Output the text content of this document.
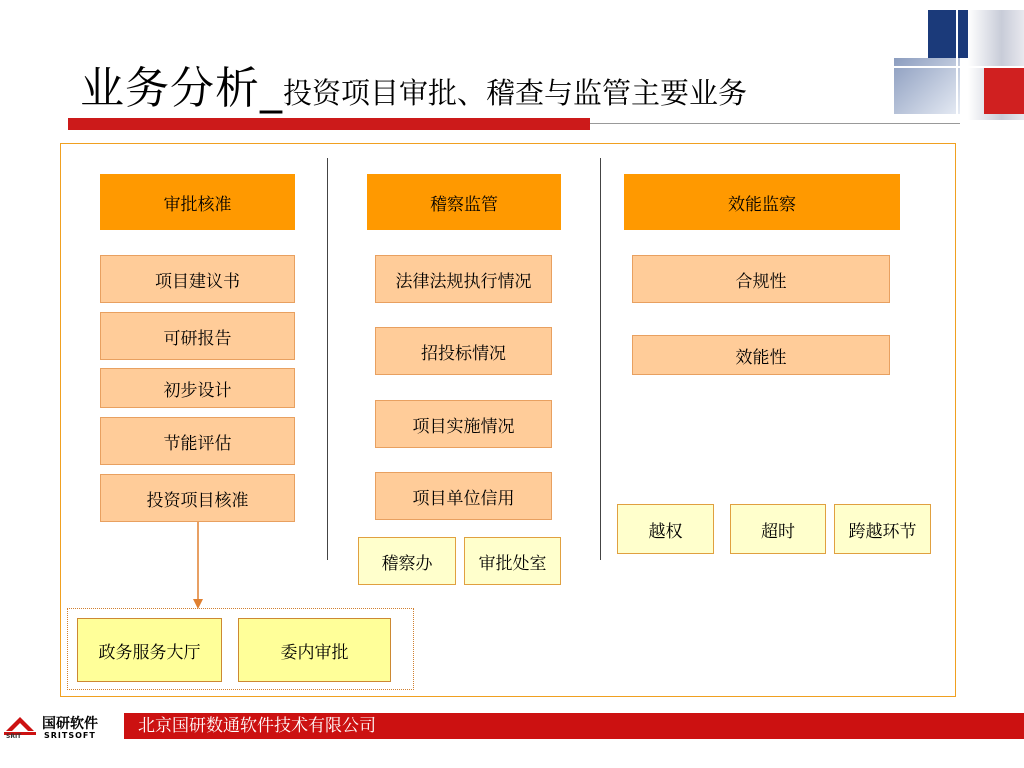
业务分析_投资项目审批、稽查与监管主要业务
审批核准
项目建议书
可研报告
初步设计
节能评估
投资项目核准
政务服务大厅	委内审批
稽察监管
法律法规执行情况
招投标情况
项目实施情况
项目单位信用
稽察办	审批处室
效能监察
合规性
效能性
越权	超时	跨越环节
SRIT
国研软件
SRITSOFT 北京国研数通软件技术有限公司
